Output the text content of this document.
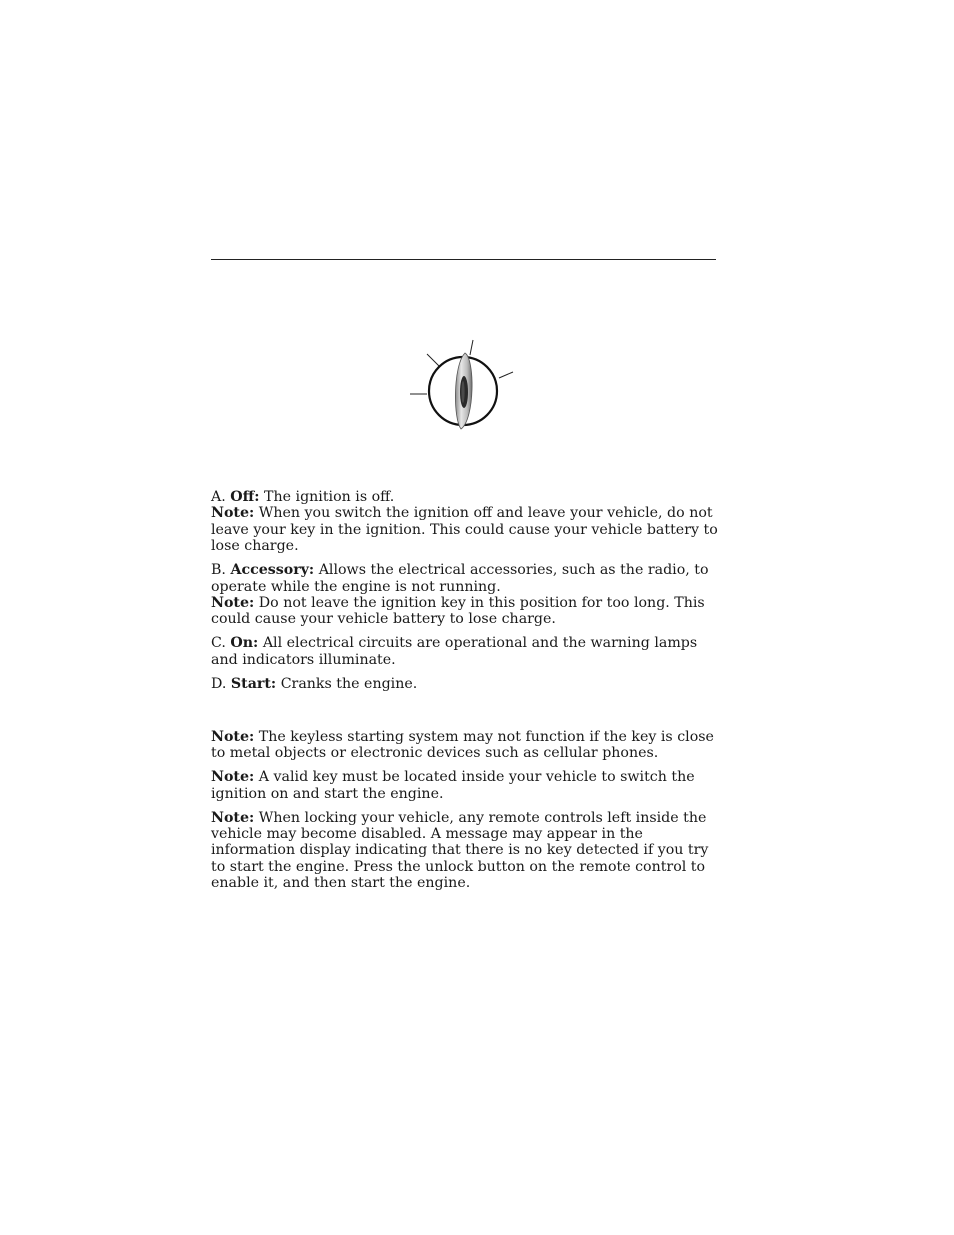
A. Off: The ignition is off.

Note: When you switch the ignition off and leave your vehicle, do not leave your key in the ignition. This could cause your vehicle battery to lose charge.

B. Accessory: Allows the electrical accessories, such as the radio, to operate while the engine is not running.

Note: Do not leave the ignition key in this position for too long. This could cause your vehicle battery to lose charge.

C. On: All electrical circuits are operational and the warning lamps and indicators illuminate.

D. Start: Cranks the engine.

Note: The keyless starting system may not function if the key is close to metal objects or electronic devices such as cellular phones.

Note: A valid key must be located inside your vehicle to switch the ignition on and start the engine.

Note: When locking your vehicle, any remote controls left inside the vehicle may become disabled. A message may appear in the information display indicating that there is no key detected if you try to start the engine. Press the unlock button on the remote control to enable it, and then start the engine.
